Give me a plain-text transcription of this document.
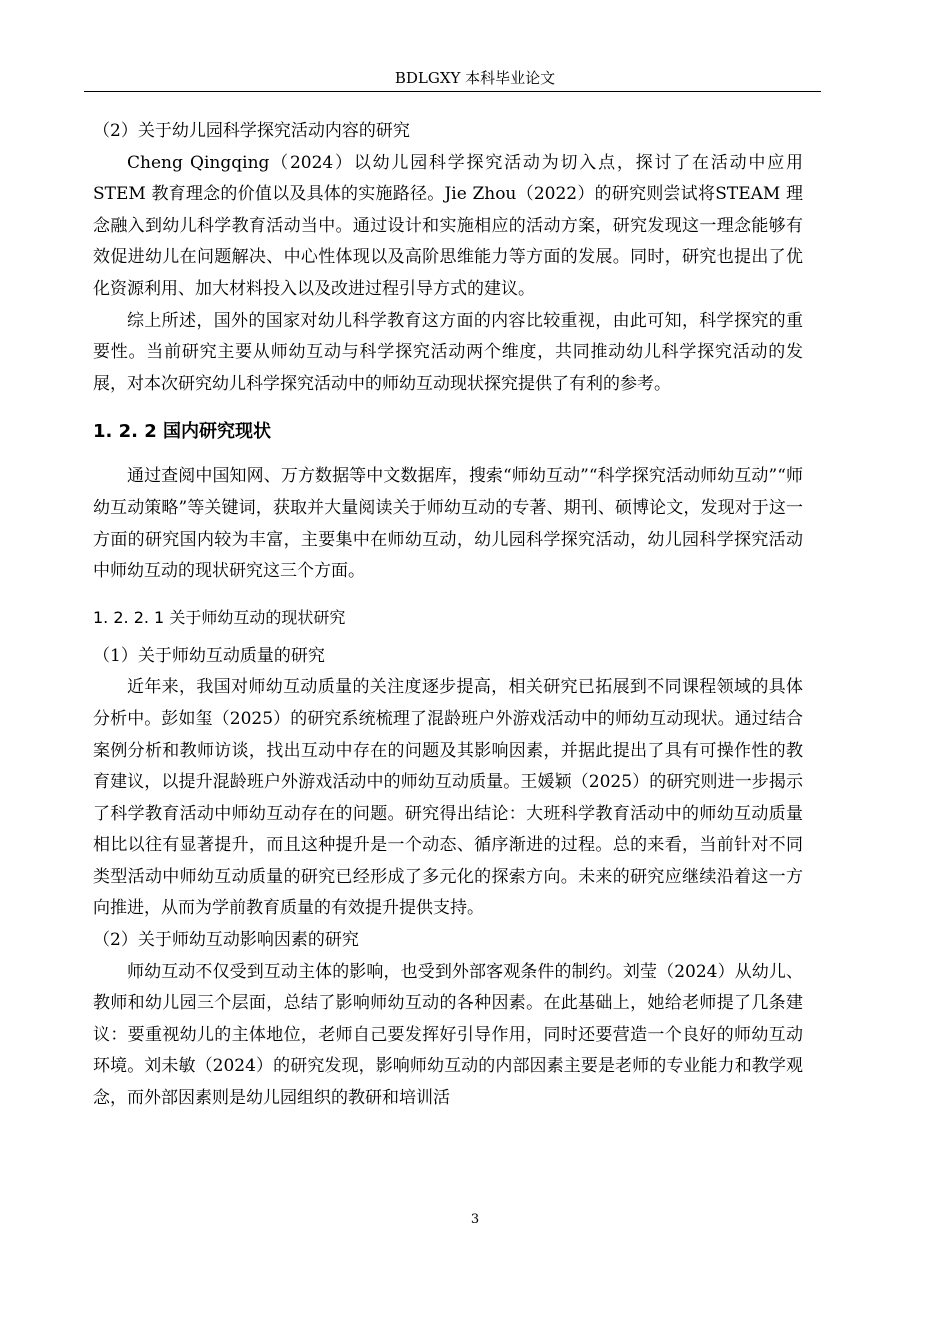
BDLGXY 本科毕业论文

（2）关于幼儿园科学探究活动内容的研究

Cheng Qingqing（2024）以幼儿园科学探究活动为切入点，探讨了在活动中应用STEM 教育理念的价值以及具体的实施路径。Jie Zhou（2022）的研究则尝试将STEAM 理念融入到幼儿科学教育活动当中。通过设计和实施相应的活动方案，研究发现这一理念能够有效促进幼儿在问题解决、中心性体现以及高阶思维能力等方面的发展。同时，研究也提出了优化资源利用、加大材料投入以及改进过程引导方式的建议。

综上所述，国外的国家对幼儿科学教育这方面的内容比较重视，由此可知，科学探究的重要性。当前研究主要从师幼互动与科学探究活动两个维度，共同推动幼儿科学探究活动的发展，对本次研究幼儿科学探究活动中的师幼互动现状探究提供了有利的参考。

1. 2. 2 国内研究现状

通过查阅中国知网、万方数据等中文数据库，搜索“师幼互动”“科学探究活动师幼互动”“师幼互动策略”等关键词，获取并大量阅读关于师幼互动的专著、期刊、硕博论文，发现对于这一方面的研究国内较为丰富，主要集中在师幼互动，幼儿园科学探究活动，幼儿园科学探究活动中师幼互动的现状研究这三个方面。

1. 2. 2. 1 关于师幼互动的现状研究

（1）关于师幼互动质量的研究

近年来，我国对师幼互动质量的关注度逐步提高，相关研究已拓展到不同课程领域的具体分析中。彭如玺（2025）的研究系统梳理了混龄班户外游戏活动中的师幼互动现状。通过结合案例分析和教师访谈，找出互动中存在的问题及其影响因素，并据此提出了具有可操作性的教育建议，以提升混龄班户外游戏活动中的师幼互动质量。王媛颖（2025）的研究则进一步揭示了科学教育活动中师幼互动存在的问题。研究得出结论：大班科学教育活动中的师幼互动质量相比以往有显著提升，而且这种提升是一个动态、循序渐进的过程。总的来看，当前针对不同类型活动中师幼互动质量的研究已经形成了多元化的探索方向。未来的研究应继续沿着这一方向推进，从而为学前教育质量的有效提升提供支持。

（2）关于师幼互动影响因素的研究

师幼互动不仅受到互动主体的影响，也受到外部客观条件的制约。刘莹（2024）从幼儿、教师和幼儿园三个层面，总结了影响师幼互动的各种因素。在此基础上，她给老师提了几条建议：要重视幼儿的主体地位，老师自己要发挥好引导作用，同时还要营造一个良好的师幼互动环境。刘未敏（2024）的研究发现，影响师幼互动的内部因素主要是老师的专业能力和教学观念，而外部因素则是幼儿园组织的教研和培训活

3
